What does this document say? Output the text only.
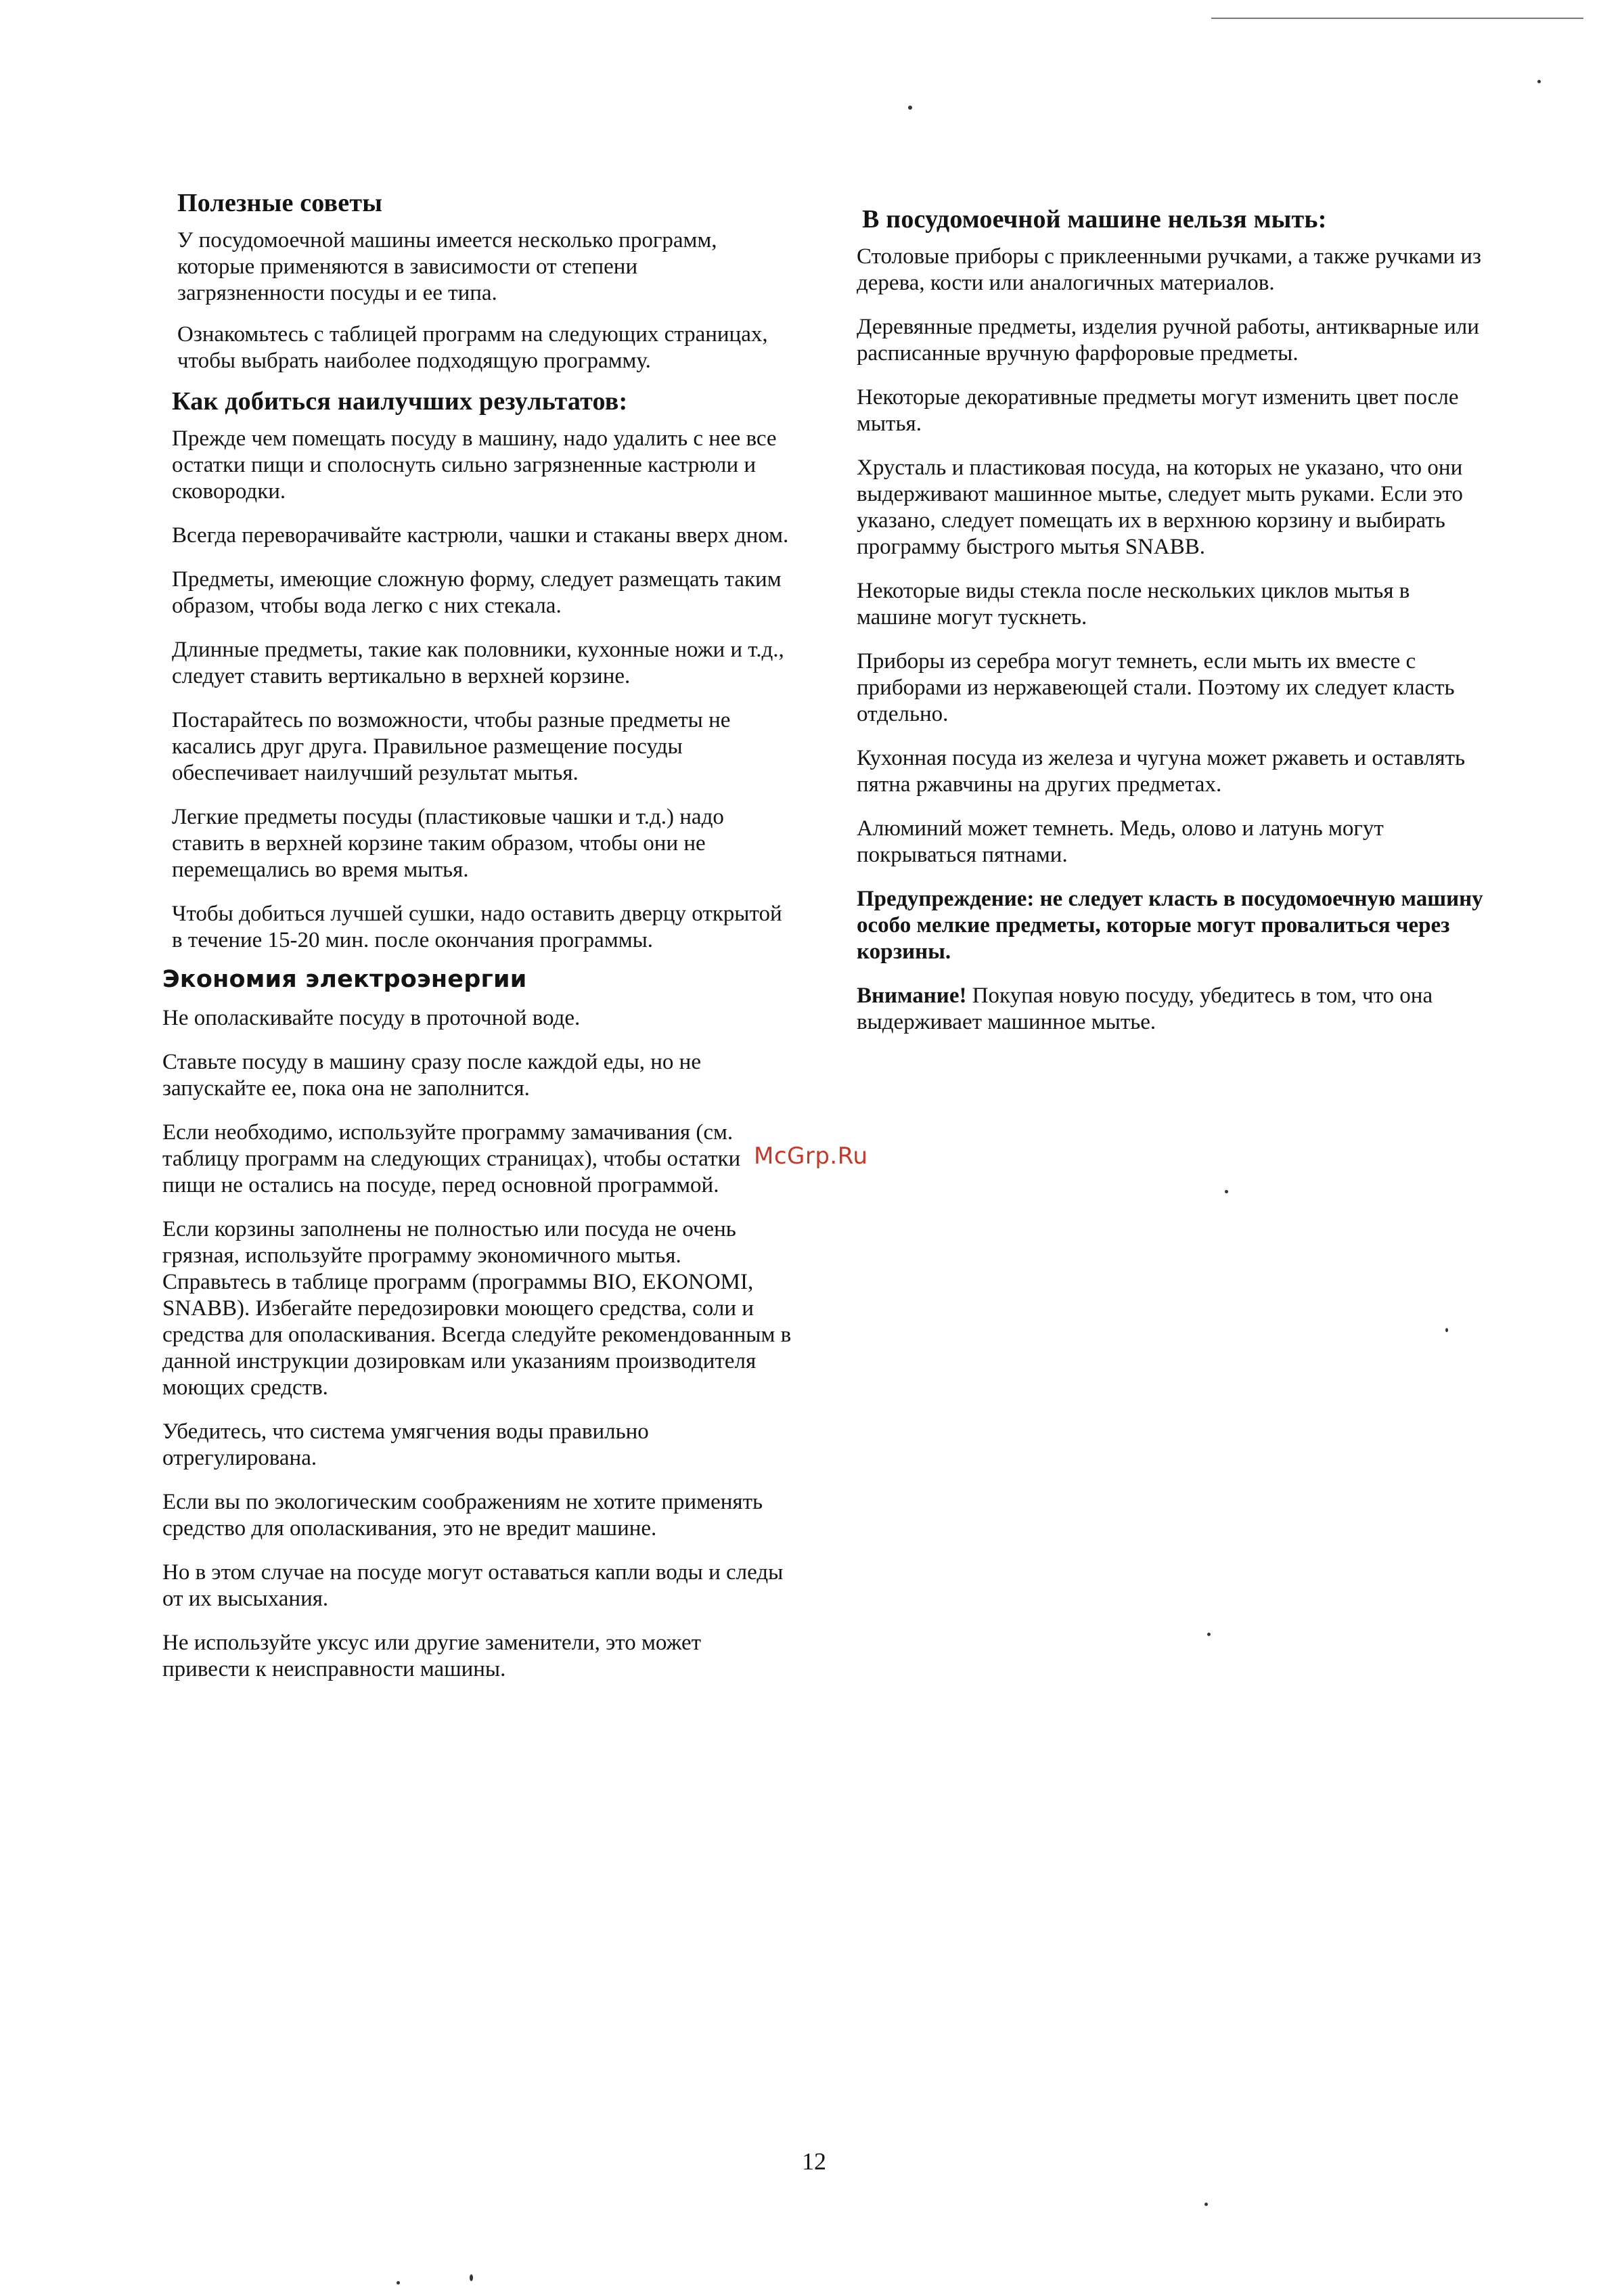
Полезные советы

У посудомоечной машины имеется несколько программ, которые применяются в зависимости от степени загрязненности посуды и ее типа.

Ознакомьтесь с таблицей программ на следующих страницах, чтобы выбрать наиболее подходящую программу.

Как добиться наилучших результатов:

Прежде чем помещать посуду в машину, надо удалить с нее все остатки пищи и сполоснуть сильно загрязненные кастрюли и сковородки.

Всегда переворачивайте кастрюли, чашки и стаканы вверх дном.

Предметы, имеющие сложную форму, следует размещать таким образом, чтобы вода легко с них стекала.

Длинные предметы, такие как половники, кухонные ножи и т.д., следует ставить вертикально в верхней корзине.

Постарайтесь по возможности, чтобы разные предметы не касались друг друга. Правильное размещение посуды обеспечивает наилучший результат мытья.

Легкие предметы посуды (пластиковые чашки и т.д.) надо ставить в верхней корзине таким образом, чтобы они не перемещались во время мытья.

Чтобы добиться лучшей сушки, надо оставить дверцу открытой в течение 15-20 мин. после окончания программы.

Экономия электроэнергии

Не ополаскивайте посуду в проточной воде.

Ставьте посуду в машину сразу после каждой еды, но не запускайте ее, пока она не заполнится.

Если необходимо, используйте программу замачивания (см. таблицу программ на следующих страницах), чтобы остатки пищи не остались на посуде, перед основной программой.

Если корзины заполнены не полностью или посуда не очень грязная, используйте программу экономичного мытья. Справьтесь в таблице программ (программы BIO, EKONOMI, SNABB). Избегайте передозировки моющего средства, соли и средства для ополаскивания. Всегда следуйте рекомендованным в данной инструкции дозировкам или указаниям производителя моющих средств.

Убедитесь, что система умягчения воды правильно отрегулирована.

Если вы по экологическим соображениям не хотите применять средство для ополаскивания, это не вредит машине.

Но в этом случае на посуде могут оставаться капли воды и следы от их высыхания.

Не используйте уксус или другие заменители, это может привести к неисправности машины.

В посудомоечной машине нельзя мыть:

Столовые приборы с приклеенными ручками, а также ручками из дерева, кости или аналогичных материалов.

Деревянные предметы, изделия ручной работы, антикварные или расписанные вручную фарфоровые предметы.

Некоторые декоративные предметы могут изменить цвет после мытья.

Хрусталь и пластиковая посуда, на которых не указано, что они выдерживают машинное мытье, следует мыть руками. Если это указано, следует помещать их в верхнюю корзину и выбирать программу быстрого мытья SNABB.

Некоторые виды стекла после нескольких циклов мытья в машине могут тускнеть.

Приборы из серебра могут темнеть, если мыть их вместе с приборами из нержавеющей стали. Поэтому их следует класть отдельно.

Кухонная посуда из железа и чугуна может ржаветь и оставлять пятна ржавчины на других предметах.

Алюминий может темнеть. Медь, олово и латунь могут покрываться пятнами.

Предупреждение: не следует класть в посудомоечную машину особо мелкие предметы, которые могут провалиться через корзины.

Внимание! Покупая новую посуду, убедитесь в том, что она выдерживает машинное мытье.

McGrp.Ru
12
